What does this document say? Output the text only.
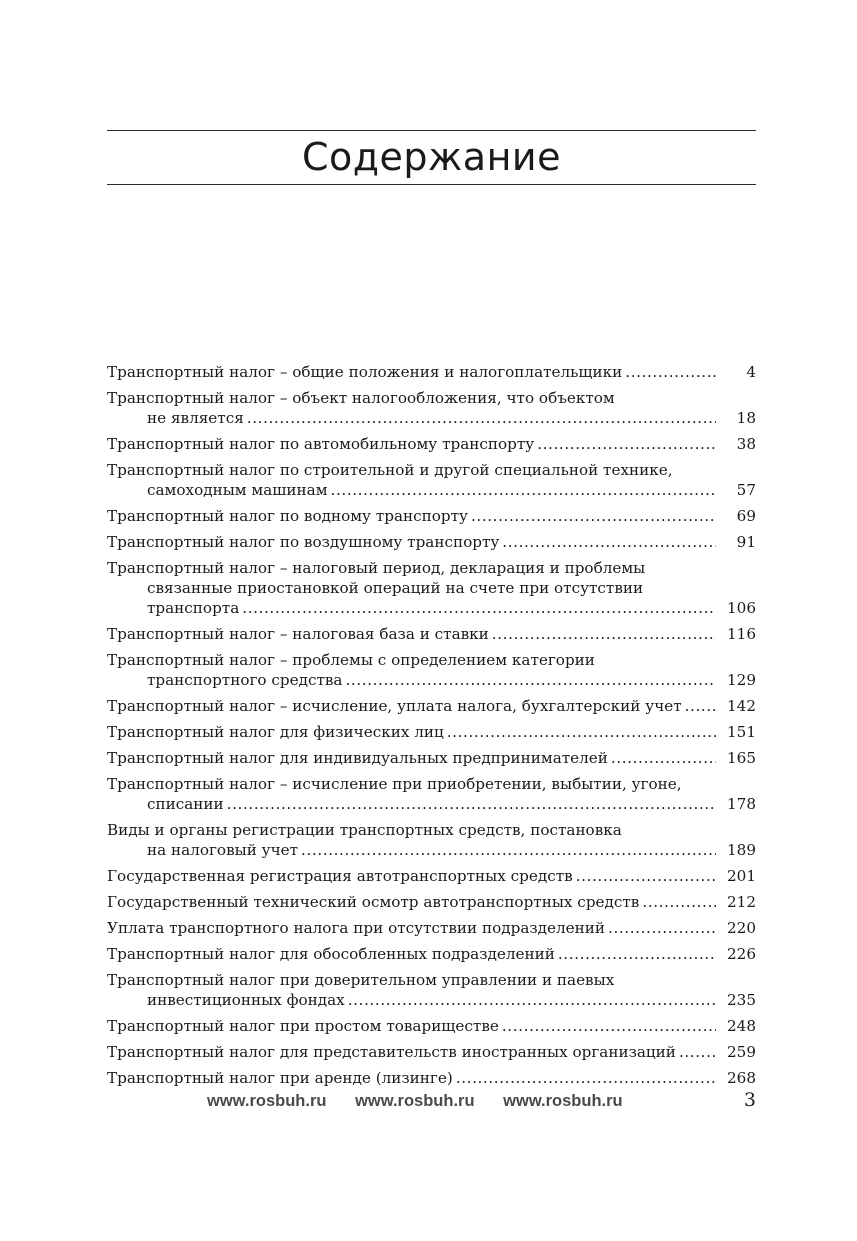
Содержание
Транспортный налог – общие положения и налогоплательщики .....	4
Транспортный налог – объект налогообложения, что объектом
не является .....	18
Транспортный налог по автомобильному транспорту .....	38
Транспортный налог по строительной и другой специальной технике,
самоходным машинам .....	57
Транспортный налог по водному транспорту .....	69
Транспортный налог по воздушному транспорту .....	91
Транспортный налог – налоговый период, декларация и проблемы
связанные приостановкой операций на счете при отсутствии
транспорта .....	106
Транспортный налог – налоговая база и ставки .....	116
Транспортный налог – проблемы с определением категории
транспортного средства .....	129
Транспортный налог – исчисление, уплата налога, бухгалтерский учет .....	142
Транспортный налог для физических лиц .....	151
Транспортный налог для индивидуальных предпринимателей .....	165
Транспортный налог – исчисление при приобретении, выбытии, угоне,
списании .....	178
Виды и органы регистрации транспортных средств, постановка
на налоговый учет .....	189
Государственная регистрация автотранспортных средств .....	201
Государственный технический осмотр автотранспортных средств .....	212
Уплата транспортного налога при отсутствии подразделений .....	220
Транспортный налог для обособленных подразделений .....	226
Транспортный налог при доверительном управлении и паевых
инвестиционных фондах .....	235
Транспортный налог при простом товариществе .....	248
Транспортный налог для представительств иностранных организаций .....	259
Транспортный налог при аренде (лизинге) .....	268
www.rosbuh.ru www.rosbuh.ru www.rosbuh.ru	3
